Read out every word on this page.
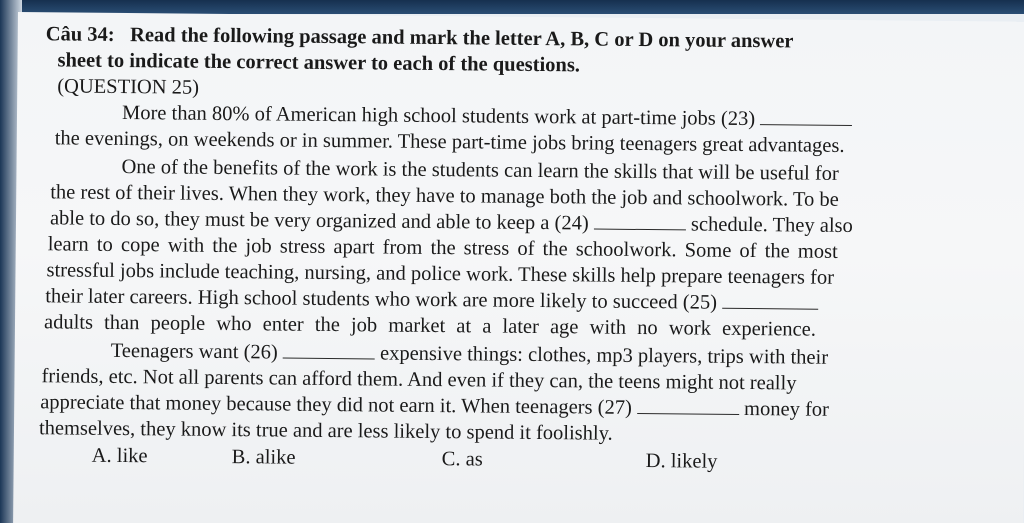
Câu 34: Read the following passage and mark the letter A, B, C or D on your answer
sheet to indicate the correct answer to each of the questions.
(QUESTION 25)
More than 80% of American high school students work at part-time jobs (23)
the evenings, on weekends or in summer. These part-time jobs bring teenagers great advantages.
One of the benefits of the work is the students can learn the skills that will be useful for
the rest of their lives. When they work, they have to manage both the job and schoolwork. To be
able to do so, they must be very organized and able to keep a (24)	schedule. They also
learn to cope with the job stress apart from the stress of the schoolwork. Some of the most
stressful jobs include teaching, nursing, and police work. These skills help prepare teenagers for
their later careers. High school students who work are more likely to succeed (25)
adults than people who enter the job market at a later age with no work experience.
Teenagers want (26)	expensive things: clothes, mp3 players, trips with their
friends, etc. Not all parents can afford them. And even if they can, the teens might not really
appreciate that money because they did not earn it. When teenagers (27)	money for
themselves, they know its true and are less likely to spend it foolishly.
A. like	B. alike	C. as	D. likely
